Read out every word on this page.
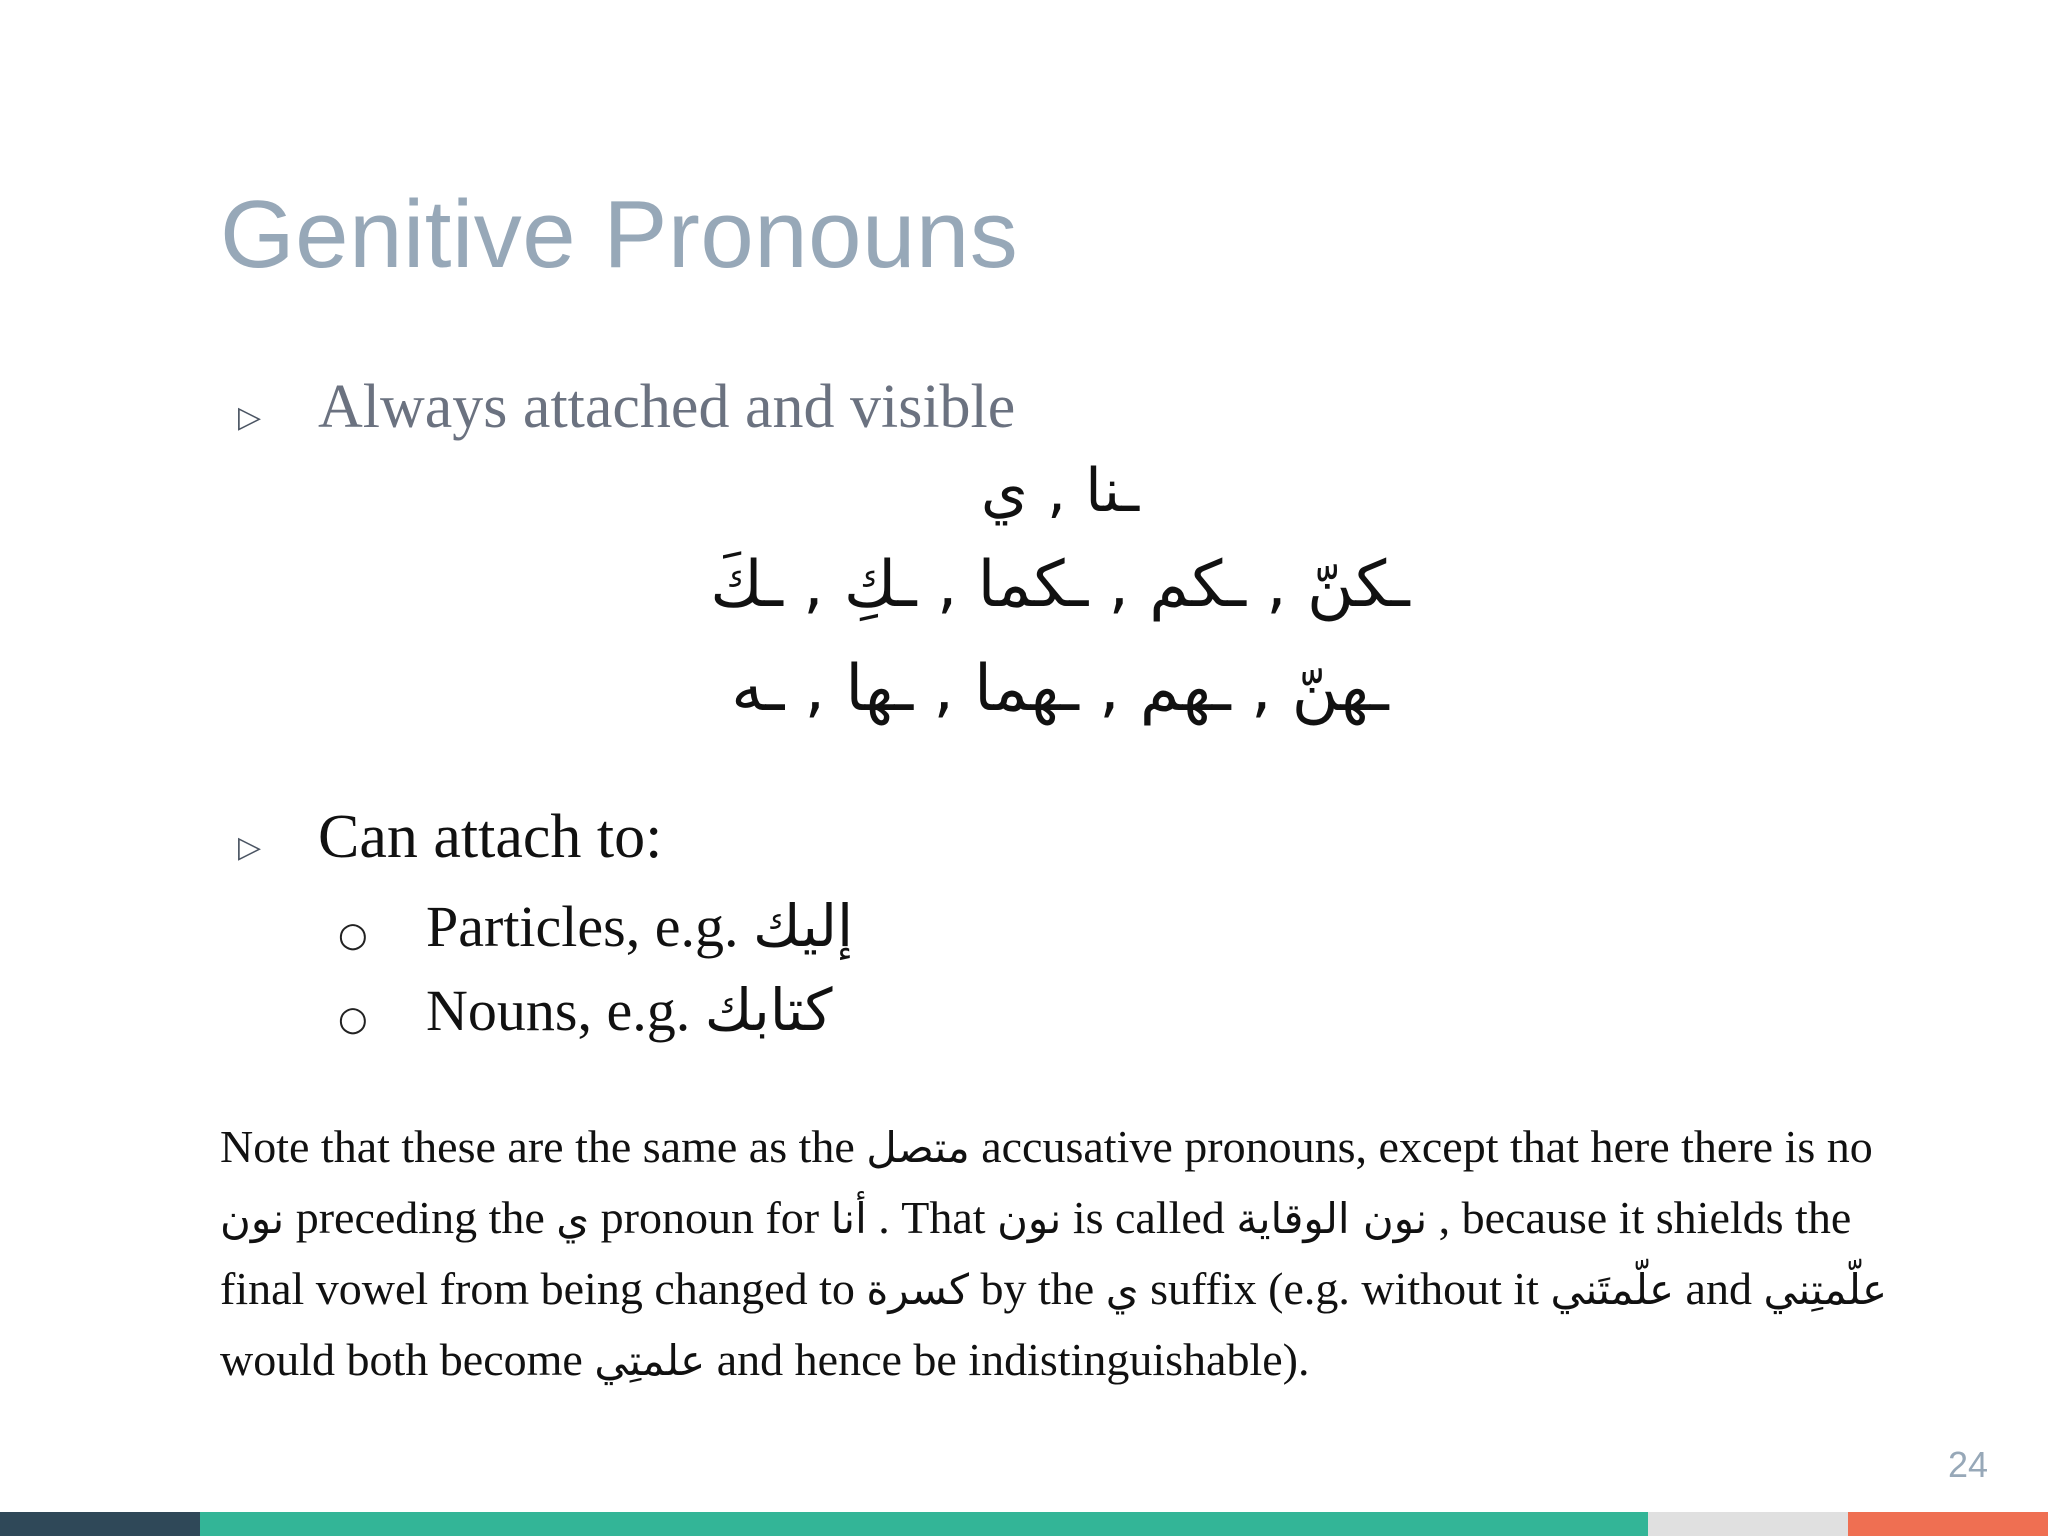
Genitive Pronouns
▷ Always attached and visible
ـنا , ي
ـكنّ , ـكم , ـكما , ـكِ , ـكَ
ـهنّ , ـهم , ـهما , ـها , ـه
▷ Can attach to:
○	Particles, e.g. إليك
○	Nouns, e.g. كتابك
Note that these are the same as the متصل accusative pronouns, except that here there is no نون preceding the ي pronoun for أنا . That نون is called نون الوقاية , because it shields the final vowel from being changed to كسرة by the ي suffix (e.g. without it علّمتَني and علّمتِني would both become علمتِي and hence be indistinguishable).
24
